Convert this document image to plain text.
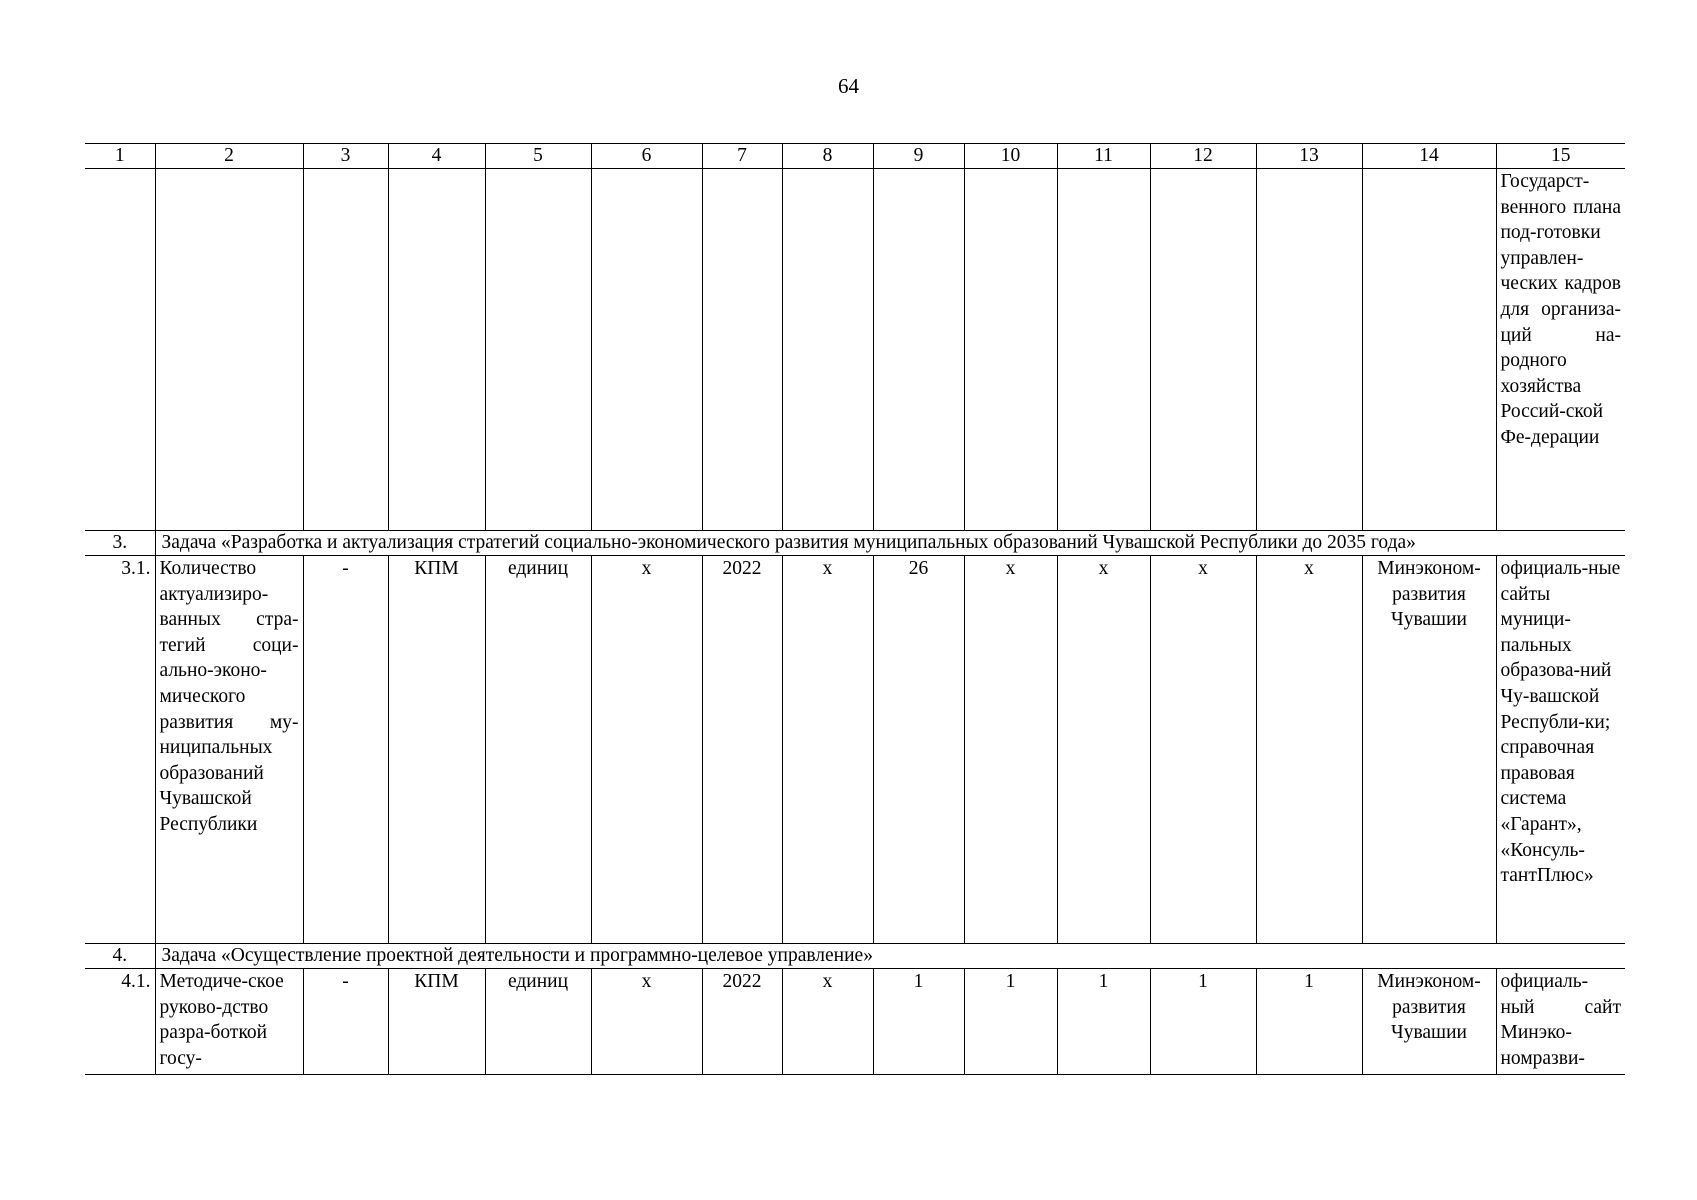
64
1	2	3	4	5	6	7	8	9	10	11	12	13	14	15
														Государст-венного плана под-готовки управлен-ческих кадров для организа-ций на-родного хозяйства Россий-ской Фе-дерации
3.	Задача «Разработка и актуализация стратегий социально-экономического развития муниципальных образований Чувашской Республики до 2035 года»													
3.1.	Количество актуализиро-ванных стра-тегий соци-ально-эконо-мического развития му-ниципальных образований Чувашской Республики	-	КПМ	единиц	х	2022	х	26	х	х	х	х	Минэконом-развития Чувашии	официаль-ные сайты муници-пальных образова-ний Чу-вашской Республи-ки; справочная правовая система «Гарант», «Консуль-тантПлюс»
4.	Задача «Осуществление проектной деятельности и программно-целевое управление»													
4.1.	Методиче-ское руково-дство разра-боткой госу-	-	КПМ	единиц	х	2022	х	1	1	1	1	1	Минэконом-развития Чувашии	официаль-ный сайт Минэко-номразви-
